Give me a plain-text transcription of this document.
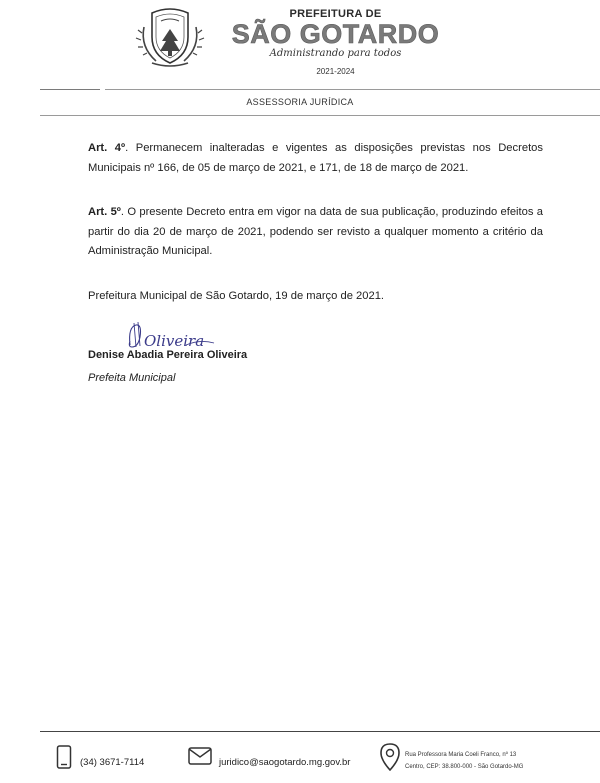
PREFEITURA DE
SÃO GOTARDO
Administrando para todos
2021-2024
ASSESSORIA JURÍDICA
Art. 4º. Permanecem inalteradas e vigentes as disposições previstas nos Decretos Municipais nº 166, de 05 de março de 2021, e 171, de 18 de março de 2021.
Art. 5º. O presente Decreto entra em vigor na data de sua publicação, produzindo efeitos a partir do dia 20 de março de 2021, podendo ser revisto a qualquer momento a critério da Administração Municipal.
Prefeitura Municipal de São Gotardo, 19 de março de 2021.
Oliveira
Denise Abadia Pereira Oliveira
Prefeita Municipal
(34) 3671-7114	juridico@saogotardo.mg.gov.br
Rua Professora Maria Coeli Franco, nº 13
Centro, CEP: 38.800-000 - São Gotardo-MG
